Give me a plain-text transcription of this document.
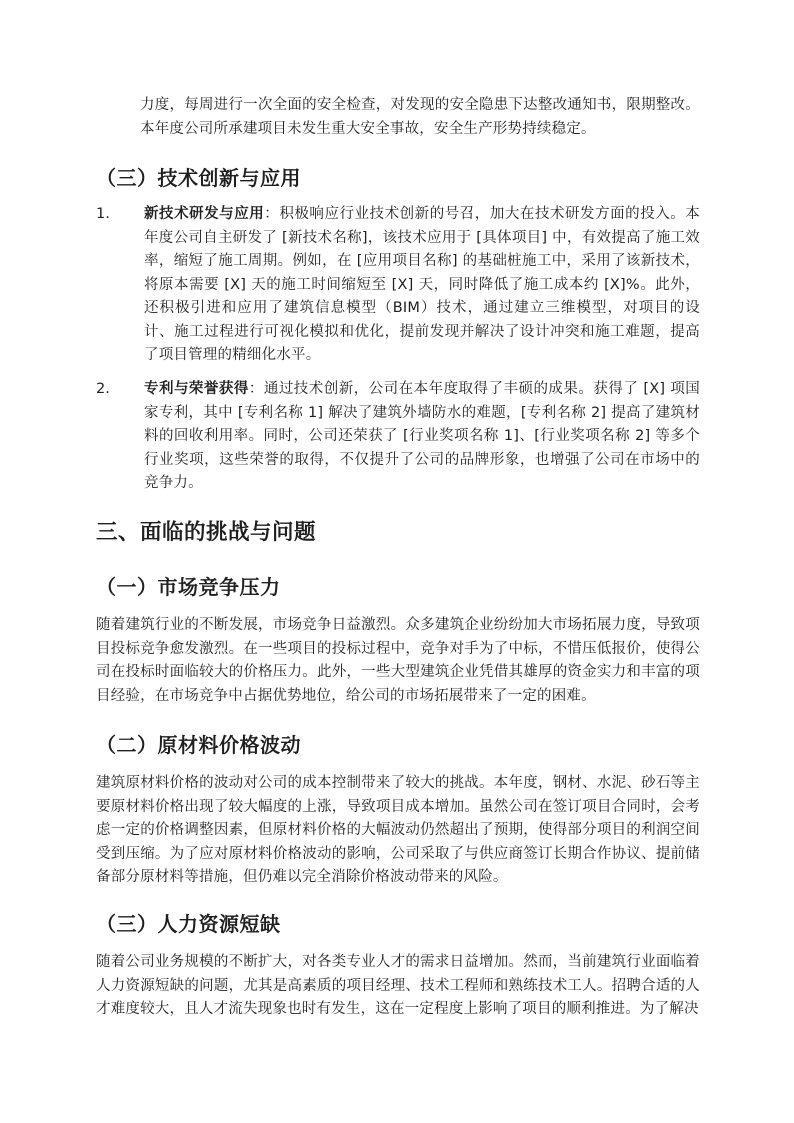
力度，每周进行一次全面的安全检查，对发现的安全隐患下达整改通知书，限期整改。本年度公司所承建项目未发生重大安全事故，安全生产形势持续稳定。

（三）技术创新与应用
1. 新技术研发与应用：积极响应行业技术创新的号召，加大在技术研发方面的投入。本年度公司自主研发了 [新技术名称]，该技术应用于 [具体项目] 中，有效提高了施工效率，缩短了施工周期。例如，在 [应用项目名称] 的基础桩施工中，采用了该新技术，将原本需要 [X] 天的施工时间缩短至 [X] 天，同时降低了施工成本约 [X]%。此外，还积极引进和应用了建筑信息模型（BIM）技术，通过建立三维模型，对项目的设计、施工过程进行可视化模拟和优化，提前发现并解决了设计冲突和施工难题，提高了项目管理的精细化水平。

2. 专利与荣誉获得：通过技术创新，公司在本年度取得了丰硕的成果。获得了 [X] 项国家专利，其中 [专利名称 1] 解决了建筑外墙防水的难题，[专利名称 2] 提高了建筑材料的回收利用率。同时，公司还荣获了 [行业奖项名称 1]、[行业奖项名称 2] 等多个行业奖项，这些荣誉的取得，不仅提升了公司的品牌形象，也增强了公司在市场中的竞争力。

三、面临的挑战与问题
（一）市场竞争压力

随着建筑行业的不断发展，市场竞争日益激烈。众多建筑企业纷纷加大市场拓展力度，导致项目投标竞争愈发激烈。在一些项目的投标过程中，竞争对手为了中标，不惜压低报价，使得公司在投标时面临较大的价格压力。此外，一些大型建筑企业凭借其雄厚的资金实力和丰富的项目经验，在市场竞争中占据优势地位，给公司的市场拓展带来了一定的困难。

（二）原材料价格波动

建筑原材料价格的波动对公司的成本控制带来了较大的挑战。本年度，钢材、水泥、砂石等主要原材料价格出现了较大幅度的上涨，导致项目成本增加。虽然公司在签订项目合同时，会考虑一定的价格调整因素，但原材料价格的大幅波动仍然超出了预期，使得部分项目的利润空间受到压缩。为了应对原材料价格波动的影响，公司采取了与供应商签订长期合作协议、提前储备部分原材料等措施，但仍难以完全消除价格波动带来的风险。

（三）人力资源短缺

随着公司业务规模的不断扩大，对各类专业人才的需求日益增加。然而，当前建筑行业面临着人力资源短缺的问题，尤其是高素质的项目经理、技术工程师和熟练技术工人。招聘合适的人才难度较大，且人才流失现象也时有发生，这在一定程度上影响了项目的顺利推进。为了解决
